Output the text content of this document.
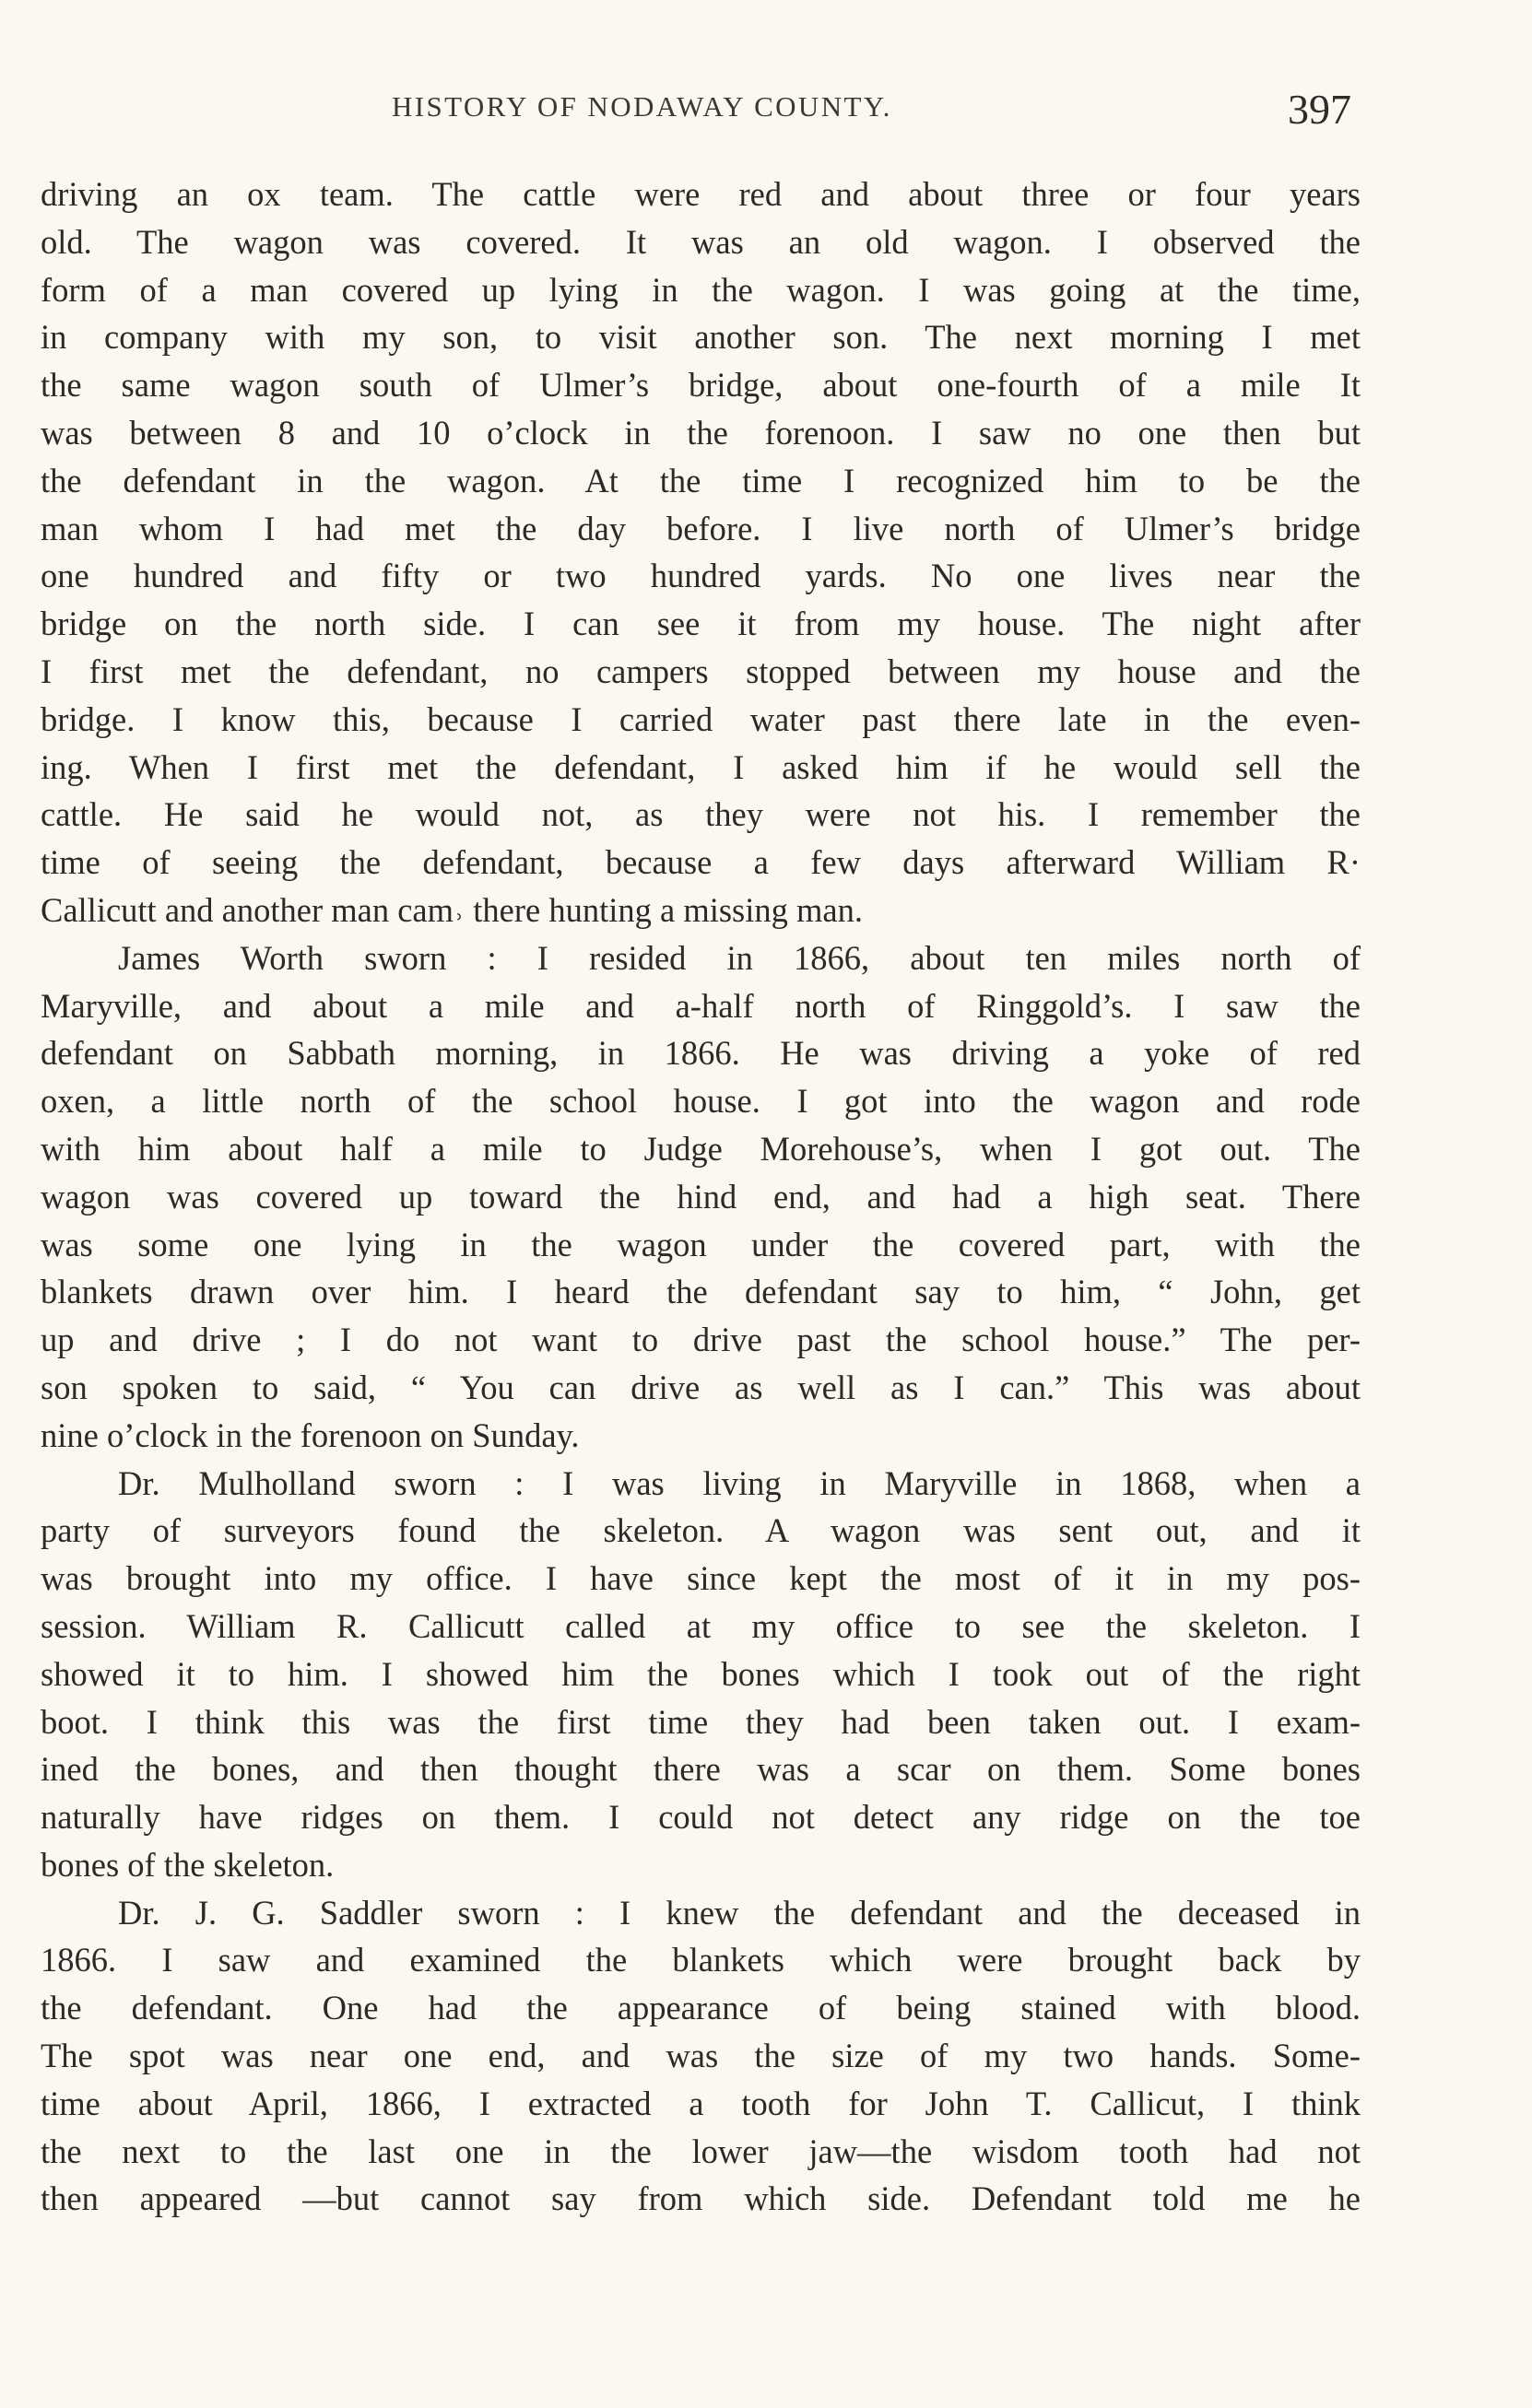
HISTORY OF NODAWAY COUNTY.	397
driving an ox team. The cattle were red and about three or four years
old. The wagon was covered. It was an old wagon. I observed the
form of a man covered up lying in the wagon. I was going at the time,
in company with my son, to visit another son. The next morning I met
the same wagon south of Ulmer’s bridge, about one-fourth of a mile It
was between 8 and 10 o’clock in the forenoon. I saw no one then but
the defendant in the wagon. At the time I recognized him to be the
man whom I had met the day before. I live north of Ulmer’s bridge
one hundred and fifty or two hundred yards. No one lives near the
bridge on the north side. I can see it from my house. The night after
I first met the defendant, no campers stopped between my house and the
bridge. I know this, because I carried water past there late in the even-
ing. When I first met the defendant, I asked him if he would sell the
cattle. He said he would not, as they were not his. I remember the
time of seeing the defendant, because a few days afterward William R·
Callicutt and another man cam˒ there hunting a missing man.
James Worth sworn : I resided in 1866, about ten miles north of
Maryville, and about a mile and a-half north of Ringgold’s. I saw the
defendant on Sabbath morning, in 1866. He was driving a yoke of red
oxen, a little north of the school house. I got into the wagon and rode
with him about half a mile to Judge Morehouse’s, when I got out. The
wagon was covered up toward the hind end, and had a high seat. There
was some one lying in the wagon under the covered part, with the
blankets drawn over him. I heard the defendant say to him, “ John, get
up and drive ; I do not want to drive past the school house.” The per-
son spoken to said, “ You can drive as well as I can.” This was about
nine o’clock in the forenoon on Sunday.
Dr. Mulholland sworn : I was living in Maryville in 1868, when a
party of surveyors found the skeleton. A wagon was sent out, and it
was brought into my office. I have since kept the most of it in my pos-
session. William R. Callicutt called at my office to see the skeleton. I
showed it to him. I showed him the bones which I took out of the right
boot. I think this was the first time they had been taken out. I exam-
ined the bones, and then thought there was a scar on them. Some bones
naturally have ridges on them. I could not detect any ridge on the toe
bones of the skeleton.
Dr. J. G. Saddler sworn : I knew the defendant and the deceased in
1866. I saw and examined the blankets which were brought back by
the defendant. One had the appearance of being stained with blood.
The spot was near one end, and was the size of my two hands. Some-
time about April, 1866, I extracted a tooth for John T. Callicut, I think
the next to the last one in the lower jaw—the wisdom tooth had not
then appeared —but cannot say from which side. Defendant told me he
